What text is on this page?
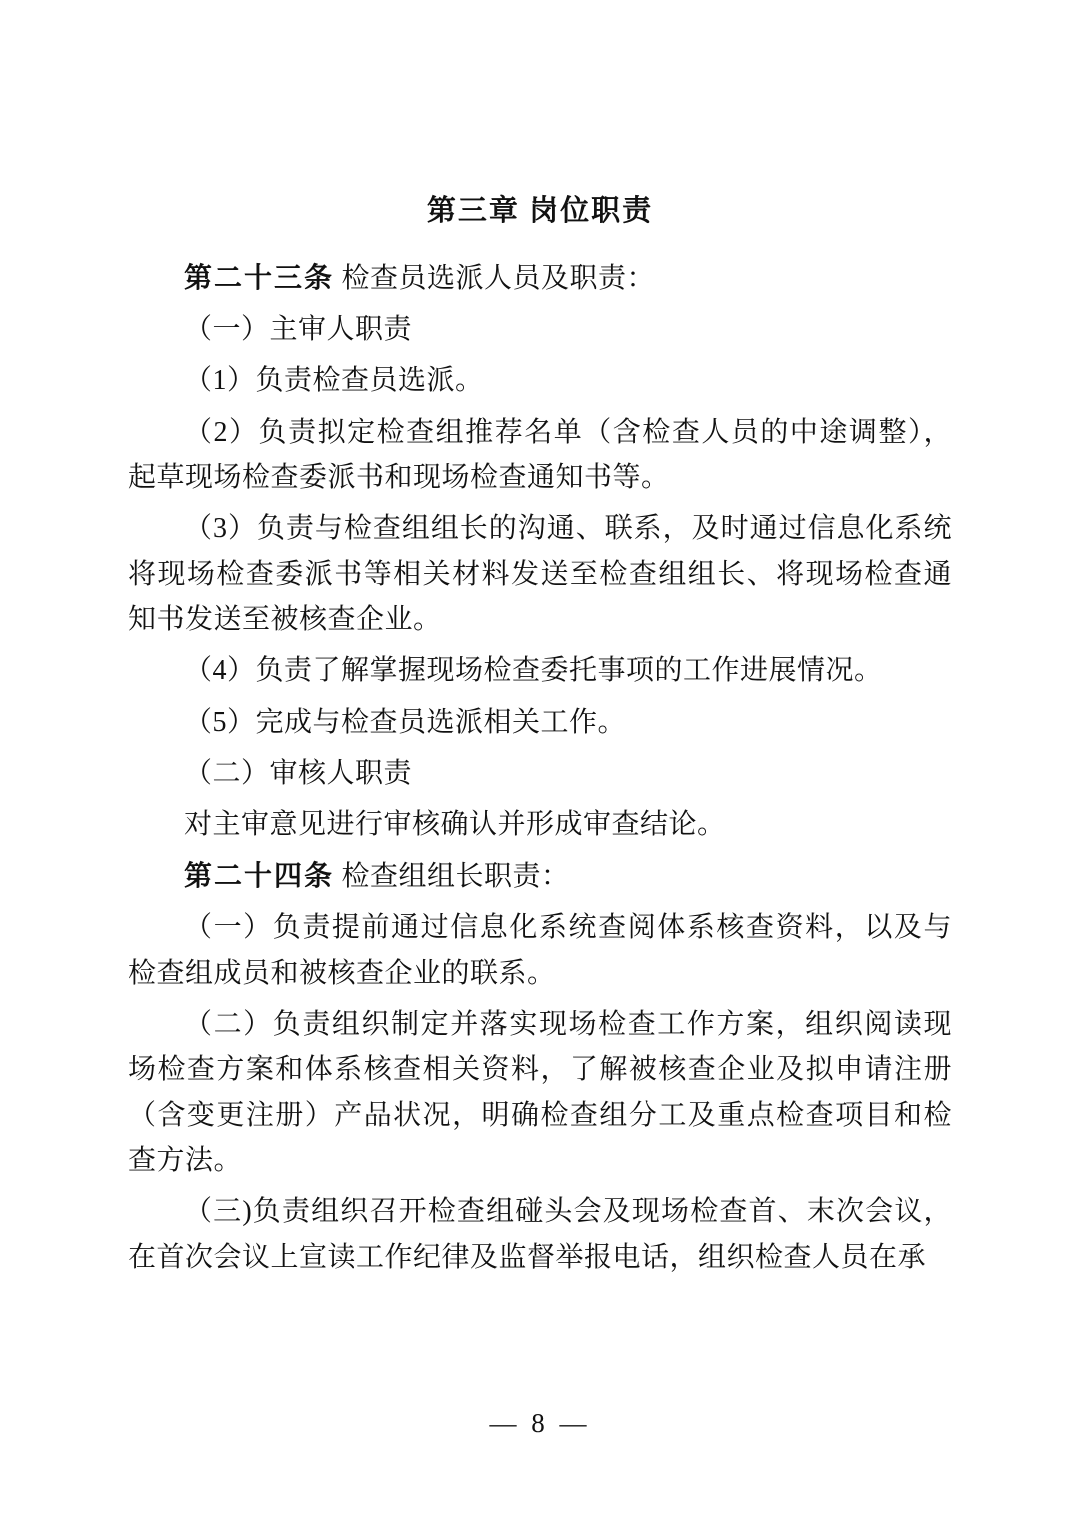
第三章 岗位职责

第二十三条 检查员选派人员及职责：

（一）主审人职责

（1）负责检查员选派。

（2）负责拟定检查组推荐名单（含检查人员的中途调整），起草现场检查委派书和现场检查通知书等。

（3）负责与检查组组长的沟通、联系，及时通过信息化系统将现场检查委派书等相关材料发送至检查组组长、将现场检查通知书发送至被核查企业。

（4）负责了解掌握现场检查委托事项的工作进展情况。

（5）完成与检查员选派相关工作。

（二）审核人职责

对主审意见进行审核确认并形成审查结论。

第二十四条 检查组组长职责：

（一）负责提前通过信息化系统查阅体系核查资料，以及与检查组成员和被核查企业的联系。

（二）负责组织制定并落实现场检查工作方案，组织阅读现场检查方案和体系核查相关资料，了解被核查企业及拟申请注册（含变更注册）产品状况，明确检查组分工及重点检查项目和检查方法。

（三)负责组织召开检查组碰头会及现场检查首、末次会议，在首次会议上宣读工作纪律及监督举报电话，组织检查人员在承

— 8 —
